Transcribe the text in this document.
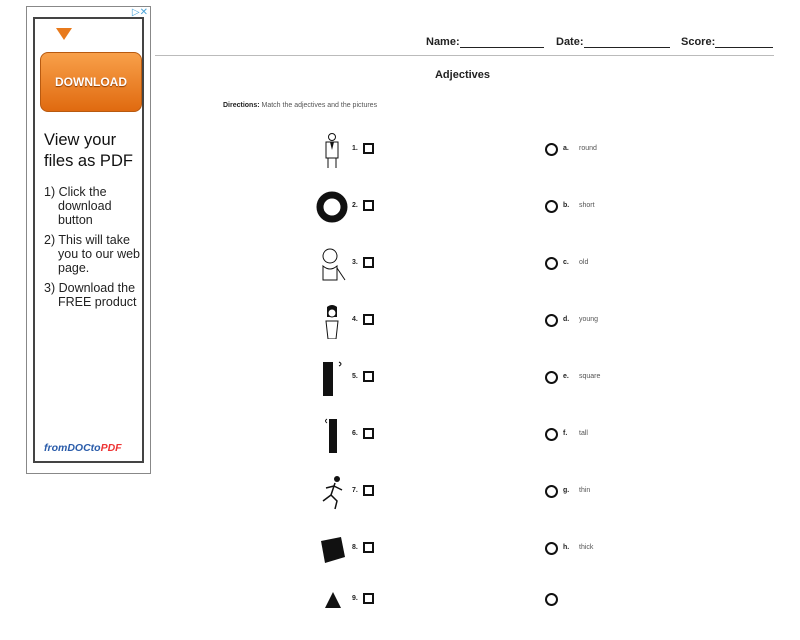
▷✕
DOWNLOAD
View your files as PDF
1) Click the download button
2) This will take you to our web page.
3) Download the FREE product
fromDOCtoPDF
Name:	Date:	Score:
Adjectives
Directions: Match the adjectives and the pictures
1.	a. round
2.	b. short
3.	c. old
4.	d. young
5.	e. square
6.	f. tall
7.	g. thin
8.	h. thick
9.
